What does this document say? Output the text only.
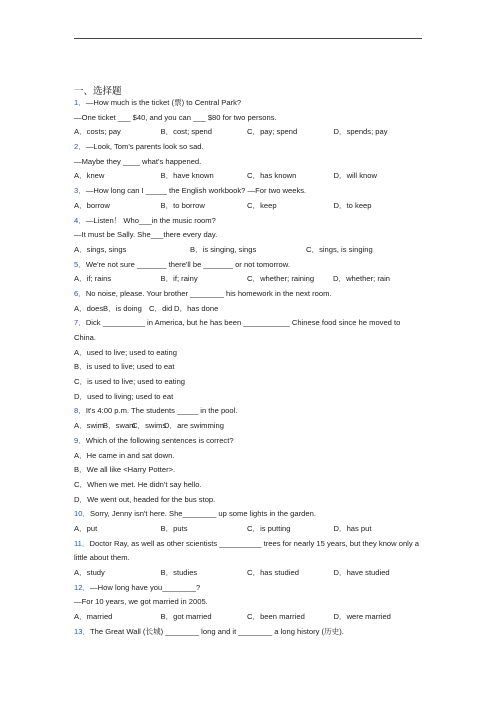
一、选择题
1．—How much is the ticket (票) to Central Park?
—One ticket ___ $40, and you can ___ $80 for two persons.
A．costs; pay	B．cost; spend	C．pay; spend	D．spends; pay
2．—Look, Tom's parents look so sad.
—Maybe they ____ what's happened.
A．knew	B．have known	C．has known	D．will know
3．—How long can I _____ the English workbook? —For two weeks.
A．borrow	B．to borrow	C．keep	D．to keep
4．—Listen！ Who___in the music room?
—It must be Sally. She___there every day.
A．sings, sings	B．is singing, sings	C．sings, is singing
5．We're not sure _______ there'll be _______ or not tomorrow.
A．if; rains	B．if; rainy	C．whether; raining	D．whether; rain
6．No noise, please. Your brother ________ his homework in the next room.
A．does B．is doing C．did D．has done
7．Dick __________ in America, but he has been ___________ Chinese food since he moved to China.
A．used to live; used to eating
B．is used to live; used to eat
C．is used to live; used to eating
D．used to living; used to eat
8．It's 4:00 p.m. The students _____ in the pool.
A．swim B．swam
C．swims
D．are swimming
9．Which of the following sentences is correct?
A．He came in and sat down.
B．We all like <Harry Potter>.
C．When we met. He didn't say hello.
D．We went out, headed for the bus stop.
10．Sorry, Jenny isn't here. She________ up some lights in the garden.
A．put	B．puts	C．is putting	D．has put
11．Doctor Ray, as well as other scientists __________ trees for nearly 15 years, but they know only a little about them.
A．study	B．studies	C．has studied	D．have studied
12．—How long have you________?
—For 10 years, we got married in 2005.
A．married	B．got married	C．been married	D．were married
13．The Great Wall (长城) ________ long and it ________ a long history (历史).
